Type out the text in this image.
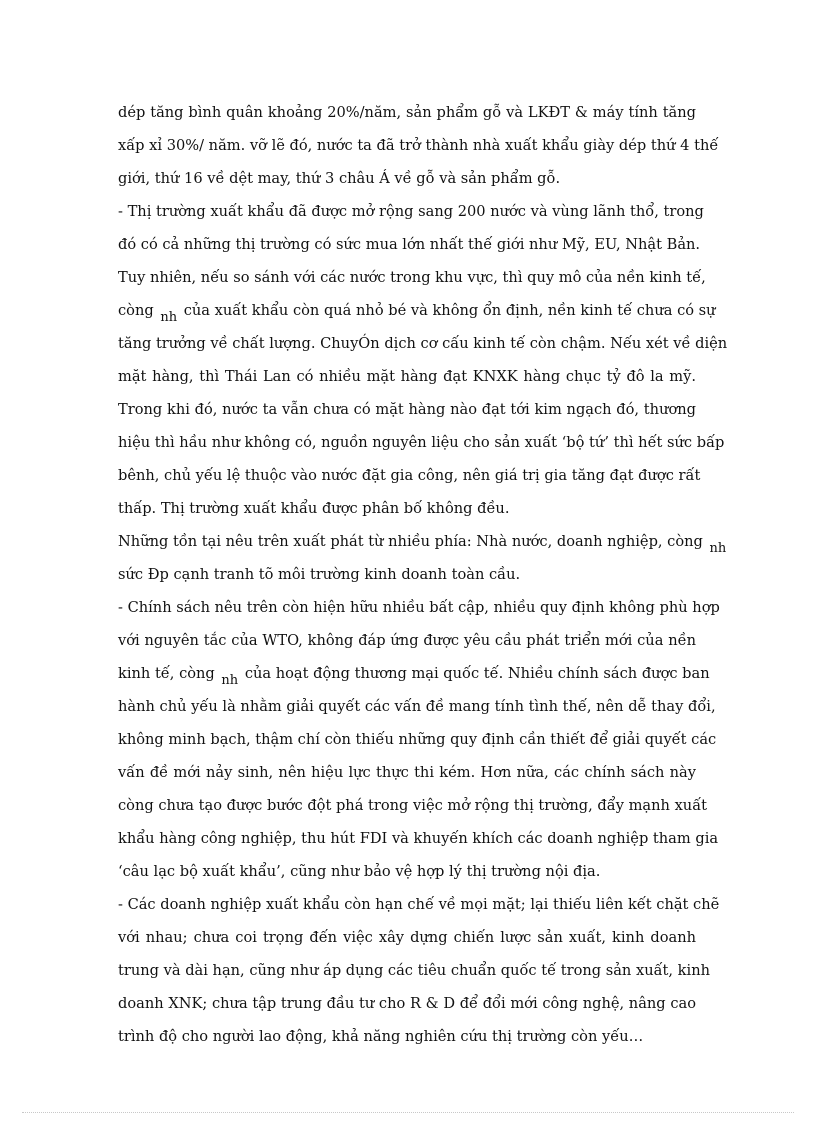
dép tăng bình quân khoảng 20%/năm, sản phẩm gỗ và LKĐT & máy tính tăng
xấp xỉ 30%/ năm. vỡ lẽ đó, nước ta đã trở thành nhà xuất khẩu giày dép thứ 4 thế
giới, thứ 16 về dệt may, thứ 3 châu Á về gỗ và sản phẩm gỗ.
- Thị trường xuất khẩu đã được mở rộng sang 200 nước và vùng lãnh thổ, trong
đó có cả những thị trường có sức mua lớn nhất thế giới như Mỹ, EU, Nhật Bản.
Tuy nhiên, nếu so sánh với các nước trong khu vực, thì quy mô của nền kinh tế,
còng nh của xuất khẩu còn quá nhỏ bé và không ổn định, nền kinh tế chưa có sự
tăng trưởng về chất lượng. ChuyÓn dịch cơ cấu kinh tế còn chậm. Nếu xét về diện
mặt hàng, thì Thái Lan có nhiều mặt hàng đạt KNXK hàng chục tỷ đô la mỹ.
Trong khi đó, nước ta vẫn chưa có mặt hàng nào đạt tới kim ngạch đó, thương
hiệu thì hầu như không có, nguồn nguyên liệu cho sản xuất ‘bộ tứ’ thì hết sức bấp
bênh, chủ yếu lệ thuộc vào nước đặt gia công, nên giá trị gia tăng đạt được rất
thấp. Thị trường xuất khẩu được phân bố không đều.
Những tồn tại nêu trên xuất phát từ nhiều phía: Nhà nước, doanh nghiệp, còng nh
sức Đp cạnh tranh tõ môi trường kinh doanh toàn cầu.
- Chính sách nêu trên còn hiện hữu nhiều bất cập, nhiều quy định không phù hợp
với nguyên tắc của WTO, không đáp ứng được yêu cầu phát triển mới của nền
kinh tế, còng nh của hoạt động thương mại quốc tế. Nhiều chính sách được ban
hành chủ yếu là nhằm giải quyết các vấn đề mang tính tình thế, nên dễ thay đổi,
không minh bạch, thậm chí còn thiếu những quy định cần thiết để giải quyết các
vấn đề mới nảy sinh, nên hiệu lực thực thi kém. Hơn nữa, các chính sách này
còng chưa tạo được bước đột phá trong việc mở rộng thị trường, đẩy mạnh xuất
khẩu hàng công nghiệp, thu hút FDI và khuyến khích các doanh nghiệp tham gia
‘câu lạc bộ xuất khẩu’, cũng như bảo vệ hợp lý thị trường nội địa.
- Các doanh nghiệp xuất khẩu còn hạn chế về mọi mặt; lại thiếu liên kết chặt chẽ
với nhau; chưa coi trọng đến việc xây dựng chiến lược sản xuất, kinh doanh
trung và dài hạn, cũng như áp dụng các tiêu chuẩn quốc tế trong sản xuất, kinh
doanh XNK; chưa tập trung đầu tư cho R & D để đổi mới công nghệ, nâng cao
trình độ cho người lao động, khả năng nghiên cứu thị trường còn yếu…
